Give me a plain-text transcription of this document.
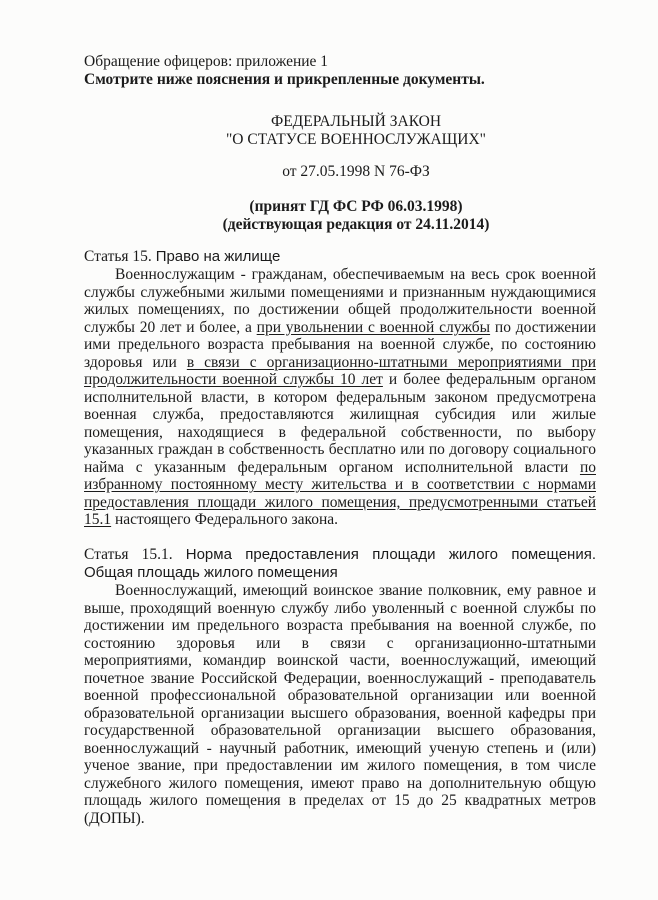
Обращение офицеров: приложение 1
Смотрите ниже пояснения и прикрепленные документы.
ФЕДЕРАЛЬНЫЙ ЗАКОН
"О СТАТУСЕ ВОЕННОСЛУЖАЩИХ"
от 27.05.1998 N 76-ФЗ
(принят ГД ФС РФ 06.03.1998)
(действующая редакция от 24.11.2014)
Статья 15. Право на жилище
Военнослужащим - гражданам, обеспечиваемым на весь срок военной
службы служебными жилыми помещениями и признанным нуждающимися
жилых помещениях, по достижении общей продолжительности военной
службы 20 лет и более, а при увольнении с военной службы по достижении
ими предельного возраста пребывания на военной службе, по состоянию
здоровья или в связи с организационно-штатными мероприятиями при
продолжительности военной службы 10 лет и более федеральным органом
исполнительной власти, в котором федеральным законом предусмотрена
военная служба, предоставляются жилищная субсидия или жилые
помещения, находящиеся в федеральной собственности, по выбору
указанных граждан в собственность бесплатно или по договору социального
найма с указанным федеральным органом исполнительной власти по
избранному постоянному месту жительства и в соответствии с нормами
предоставления площади жилого помещения, предусмотренными статьей
15.1 настоящего Федерального закона.
Статья 15.1. Норма предоставления площади жилого помещения.
Общая площадь жилого помещения
Военнослужащий, имеющий воинское звание полковник, ему равное и
выше, проходящий военную службу либо уволенный с военной службы по
достижении им предельного возраста пребывания на военной службе, по
состоянию здоровья или в связи с организационно-штатными
мероприятиями, командир воинской части, военнослужащий, имеющий
почетное звание Российской Федерации, военнослужащий - преподаватель
военной профессиональной образовательной организации или военной
образовательной организации высшего образования, военной кафедры при
государственной образовательной организации высшего образования,
военнослужащий - научный работник, имеющий ученую степень и (или)
ученое звание, при предоставлении им жилого помещения, в том числе
служебного жилого помещения, имеют право на дополнительную общую
площадь жилого помещения в пределах от 15 до 25 квадратных метров
(ДОПЫ).
